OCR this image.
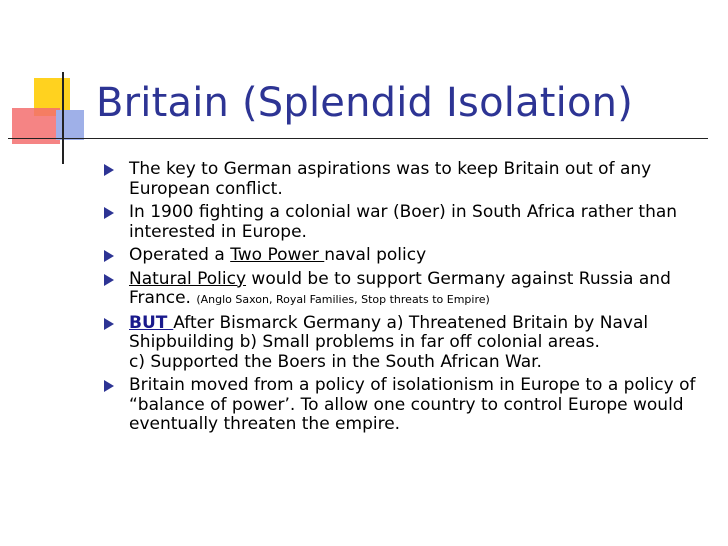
Britain (Splendid Isolation)
The key to German aspirations was to keep Britain out of any European conflict.
In 1900 fighting a colonial war (Boer) in South Africa rather than interested in Europe.
Operated a Two Power naval policy
Natural Policy would be to support Germany against Russia and France. (Anglo Saxon, Royal Families, Stop threats to Empire)
BUT After Bismarck Germany a) Threatened Britain by Naval Shipbuilding b) Small problems in far off colonial areas.
c) Supported the Boers in the South African War.
Britain moved from a policy of isolationism in Europe to a policy of “balance of power’. To allow one country to control Europe would eventually threaten the empire.
